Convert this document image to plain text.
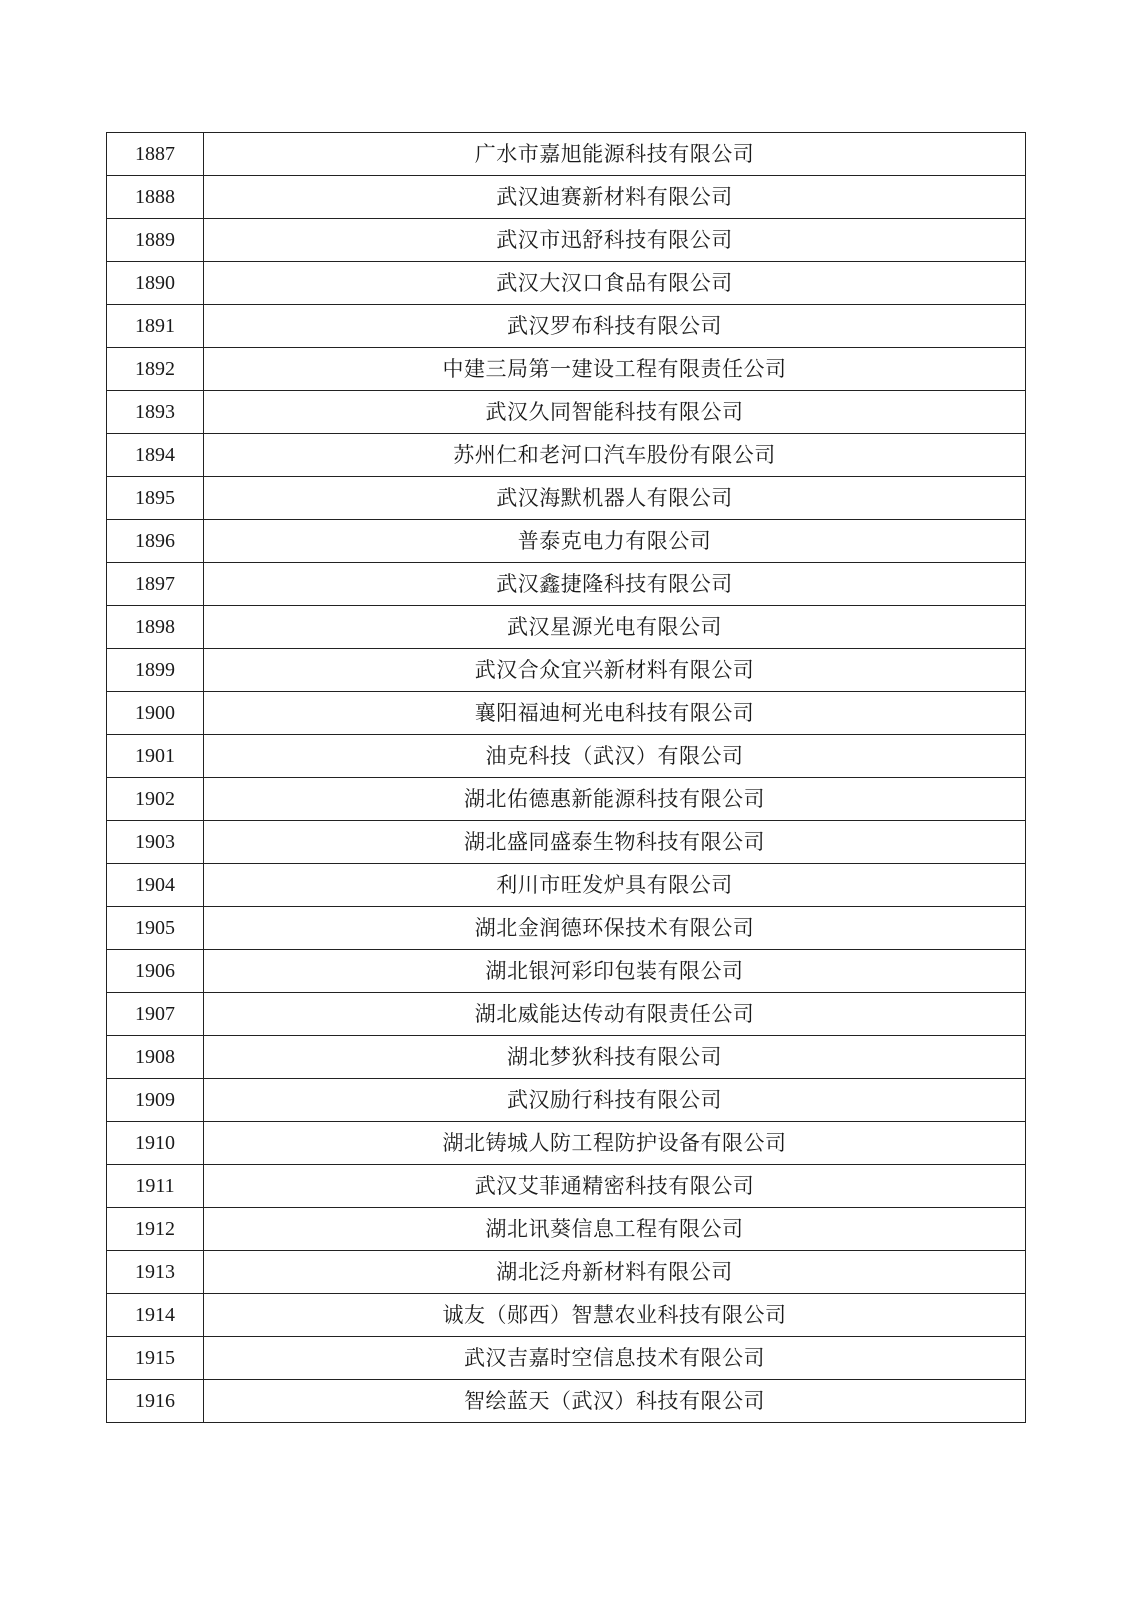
1887	广水市嘉旭能源科技有限公司
1888	武汉迪赛新材料有限公司
1889	武汉市迅舒科技有限公司
1890	武汉大汉口食品有限公司
1891	武汉罗布科技有限公司
1892	中建三局第一建设工程有限责任公司
1893	武汉久同智能科技有限公司
1894	苏州仁和老河口汽车股份有限公司
1895	武汉海默机器人有限公司
1896	普泰克电力有限公司
1897	武汉鑫捷隆科技有限公司
1898	武汉星源光电有限公司
1899	武汉合众宜兴新材料有限公司
1900	襄阳福迪柯光电科技有限公司
1901	油克科技（武汉）有限公司
1902	湖北佑德惠新能源科技有限公司
1903	湖北盛同盛泰生物科技有限公司
1904	利川市旺发炉具有限公司
1905	湖北金润德环保技术有限公司
1906	湖北银河彩印包装有限公司
1907	湖北威能达传动有限责任公司
1908	湖北梦狄科技有限公司
1909	武汉励行科技有限公司
1910	湖北铸城人防工程防护设备有限公司
1911	武汉艾菲通精密科技有限公司
1912	湖北讯葵信息工程有限公司
1913	湖北泛舟新材料有限公司
1914	诚友（郧西）智慧农业科技有限公司
1915	武汉吉嘉时空信息技术有限公司
1916	智绘蓝天（武汉）科技有限公司
